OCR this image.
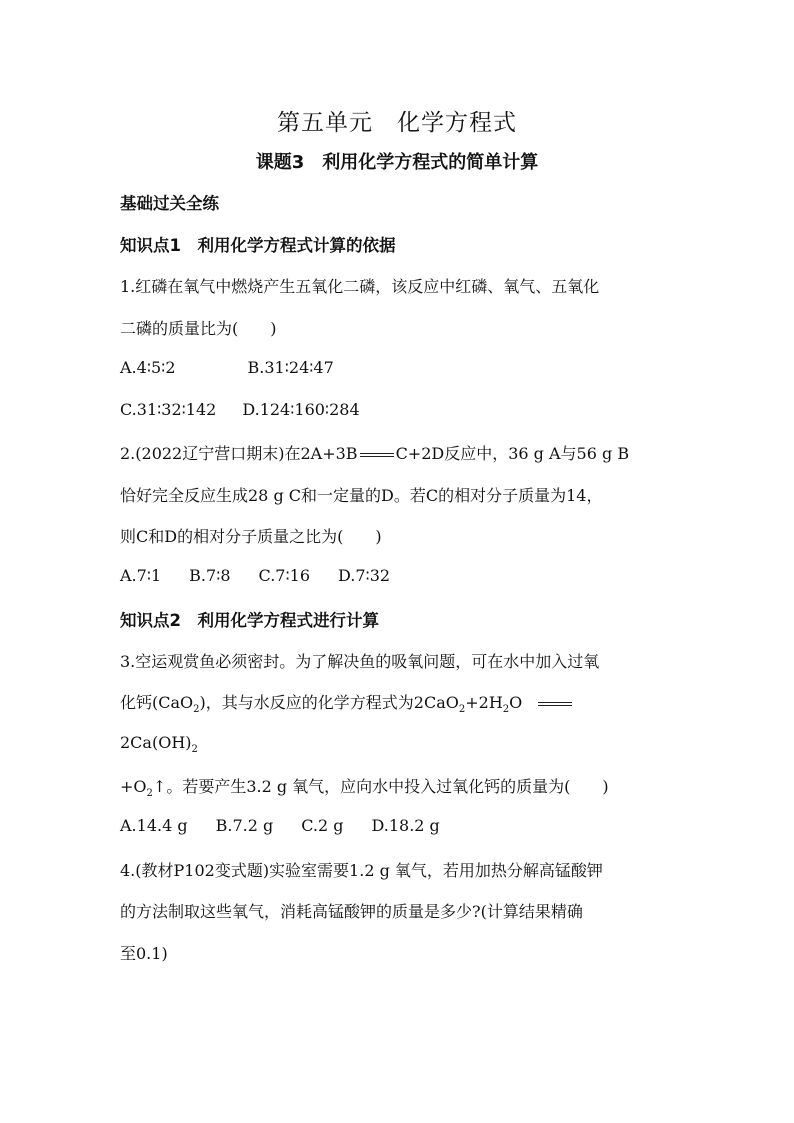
第五单元　化学方程式
课题3　利用化学方程式的简单计算
基础过关全练
知识点1　利用化学方程式计算的依据
1.红磷在氧气中燃烧产生五氧化二磷，该反应中红磷、氧气、五氧化
二磷的质量比为(　　)
A.4∶5∶2	B.31∶24∶47
C.31∶32∶142 D.124∶160∶284
2.(2022辽宁营口期末)在2A+3B C+2D反应中，36 g A与56 g B
恰好完全反应生成28 g C和一定量的D。若C的相对分子质量为14，
则C和D的相对分子质量之比为(　　)
A.7∶1 B.7∶8 C.7∶16 D.7∶32
知识点2　利用化学方程式进行计算
3.空运观赏鱼必须密封。为了解决鱼的吸氧问题，可在水中加入过氧
化钙(CaO$_2$)，其与水反应的化学方程式为$2CaO_2+2H_2O$
$2Ca(OH)_2$
$+O_2↑$。若要产生3.2 g 氧气，应向水中投入过氧化钙的质量为(　　)
A.14.4 g B.7.2 g C.2 g D.18.2 g
4.(教材P102变式题)实验室需要1.2 g 氧气，若用加热分解高锰酸钾
的方法制取这些氧气，消耗高锰酸钾的质量是多少?(计算结果精确
至0.1)
